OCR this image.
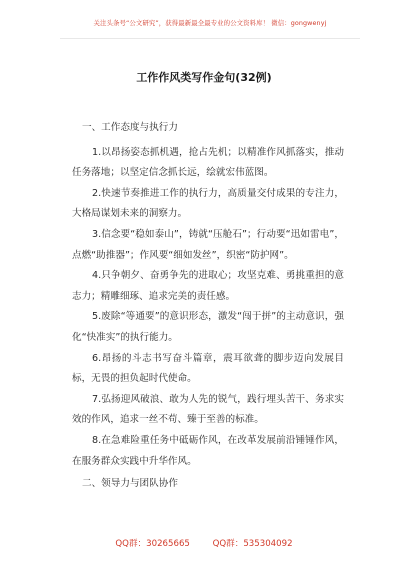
关注头条号“公文研究”，获得最新最全最专业的公文资料库！ 微信：gongwenyj
工作作风类写作金句(32例)
一、工作态度与执行力

1.以昂扬姿态抓机遇，抢占先机；以精准作风抓落实，推动任务落地；以坚定信念抓长远，绘就宏伟蓝图。

2.快速节奏推进工作的执行力，高质量交付成果的专注力，大格局谋划未来的洞察力。

3.信念要“稳如泰山”，铸就“压舱石”；行动要“迅如雷电”，点燃“助推器”；作风要“细如发丝”，织密“防护网”。

4.只争朝夕、奋勇争先的进取心；攻坚克难、勇挑重担的意志力；精雕细琢、追求完美的责任感。

5.废除“等通要”的意识形态，激发“闯于拼”的主动意识，强化“快准实”的执行能力。

6.昂扬的斗志书写奋斗篇章，震耳欲聋的脚步迈向发展目标，无畏的担负起时代使命。

7.弘扬迎风破浪、敢为人先的锐气，践行埋头苦干、务求实效的作风，追求一丝不苟、臻于至善的标准。

8.在急难险重任务中砥砺作风，在改革发展前沿锤锤作风，在服务群众实践中升华作风。

二、领导力与团队协作
QQ群：30265665	QQ群：535304092
